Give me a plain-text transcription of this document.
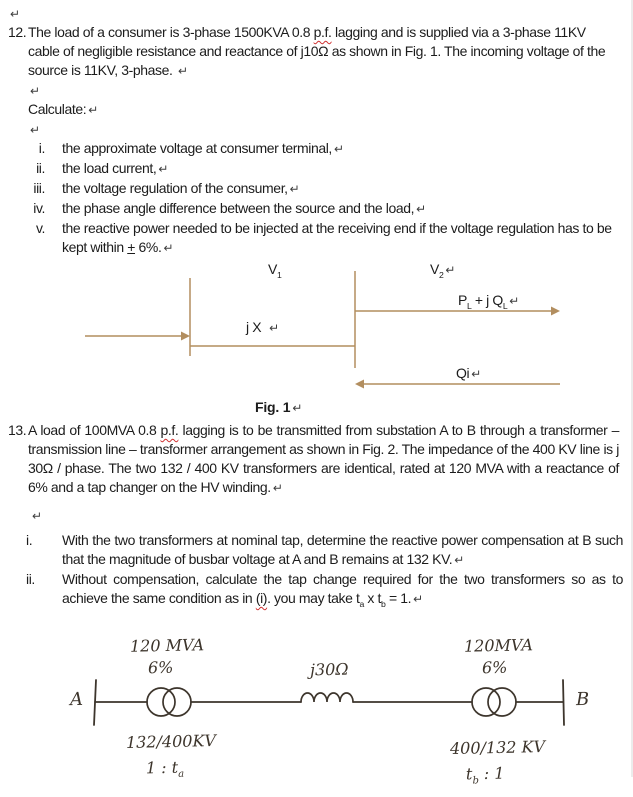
↵
12. The load of a consumer is 3-phase 1500KVA 0.8 p.f. lagging and is supplied via a 3-phase 11KV cable of negligible resistance and reactance of j10Ω as shown in Fig. 1. The incoming voltage of the source is 11KV, 3-phase. ↵
↵
Calculate: ↵
↵
i. the approximate voltage at consumer terminal, ↵
ii. the load current, ↵
iii. the voltage regulation of the consumer, ↵
iv. the phase angle difference between the source and the load, ↵
v. the reactive power needed to be injected at the receiving end if the voltage regulation has to be kept within + 6%. ↵
$V_1$	$V_2$ ↵
j X ↵
$P_L + j$ $Q_L$ ↵
Qi ↵
Fig. 1 ↵
13. A load of 100MVA 0.8 p.f. lagging is to be transmitted from substation A to B through a transformer – transmission line – transformer arrangement as shown in Fig. 2. The impedance of the 400 KV line is j 30Ω / phase. The two 132 / 400 KV transformers are identical, rated at 120 MVA with a reactance of 6% and a tap changer on the HV winding. ↵
↵
i.	With the two transformers at nominal tap, determine the reactive power compensation at B such that the magnitude of busbar voltage at A and B remains at 132 KV. ↵
ii.	Without compensation, calculate the tap change required for the two transformers so as to achieve the same condition as in (i). you may take $t_a$ x $t_b = 1$. ↵
120 MVA
6%	j30Ω
120MVA
6%
A	B
132/400KV
1 : $t_a$
400/132 KV
$t_b$ : 1
